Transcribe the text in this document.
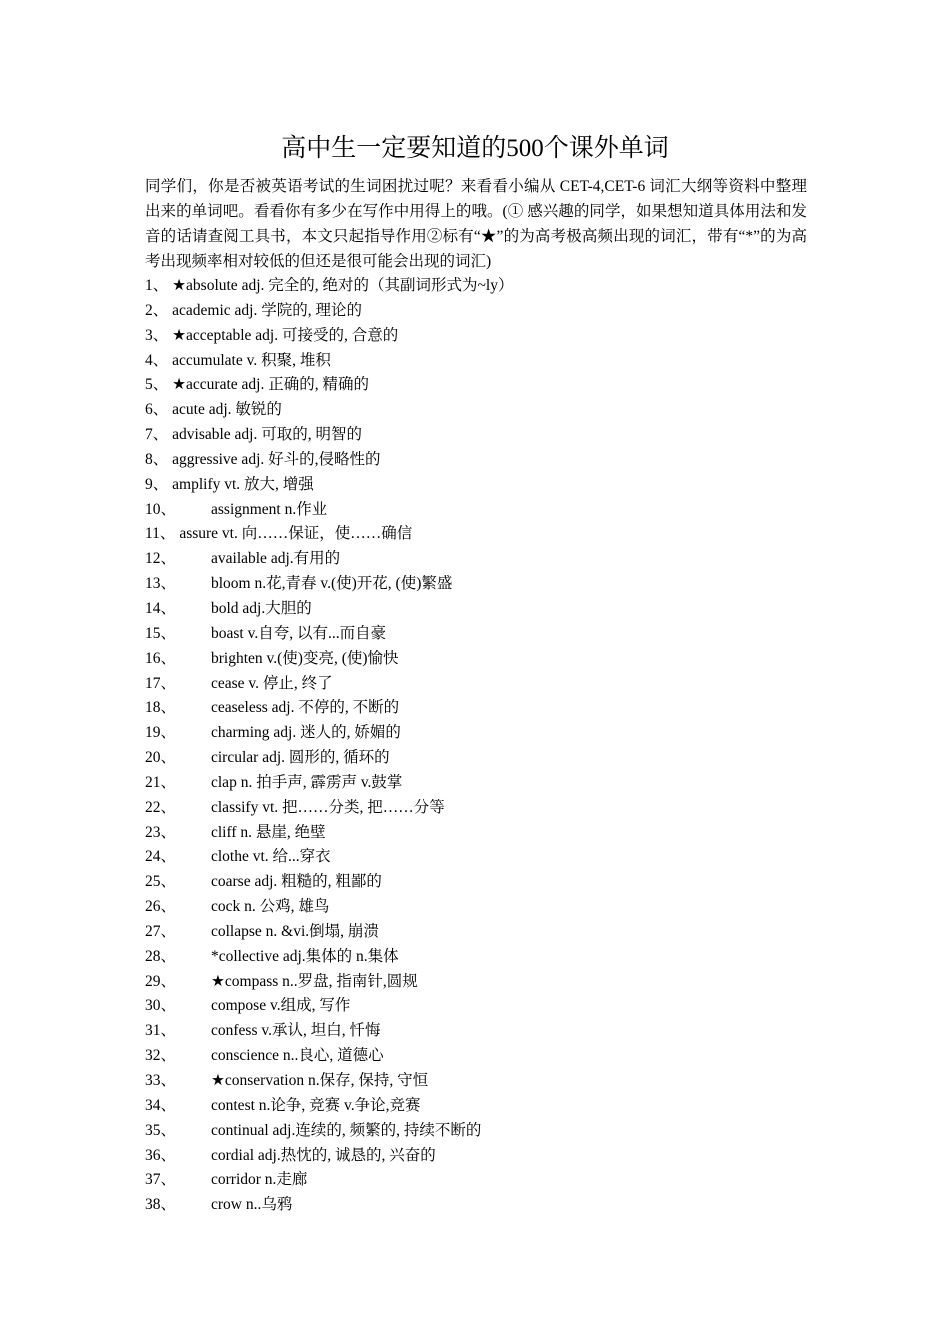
高中生一定要知道的500个课外单词

同学们，你是否被英语考试的生词困扰过呢？来看看小编从 CET-4,CET-6 词汇大纲等资料中整理出来的单词吧。看看你有多少在写作中用得上的哦。(① 感兴趣的同学，如果想知道具体用法和发音的话请查阅工具书，本文只起指导作用②标有“★”的为高考极高频出现的词汇，带有“*”的为高考出现频率相对较低的但还是很可能会出现的词汇)

1、 ★absolute adj. 完全的, 绝对的（其副词形式为~ly）
2、 academic adj. 学院的, 理论的
3、 ★acceptable adj. 可接受的, 合意的
4、 accumulate v. 积聚, 堆积
5、 ★accurate adj. 正确的, 精确的
6、 acute adj. 敏锐的
7、 advisable adj. 可取的, 明智的
8、 aggressive adj. 好斗的,侵略性的
9、 amplify vt. 放大, 增强
10、 assignment n.作业
11、 assure vt. 向……保证，使……确信
12、 available adj.有用的
13、 bloom n.花,青春 v.(使)开花, (使)繁盛
14、 bold adj.大胆的
15、 boast v.自夸, 以有...而自豪
16、 brighten v.(使)变亮, (使)愉快
17、 cease v. 停止, 终了
18、 ceaseless adj. 不停的, 不断的
19、 charming adj. 迷人的, 娇媚的
20、 circular adj. 圆形的, 循环的
21、 clap n. 拍手声, 霹雳声 v.鼓掌
22、 classify vt. 把……分类, 把……分等
23、 cliff n. 悬崖, 绝壁
24、 clothe vt. 给...穿衣
25、 coarse adj. 粗糙的, 粗鄙的
26、 cock n. 公鸡, 雄鸟
27、 collapse n. &vi.倒塌, 崩溃
28、 *collective adj.集体的 n.集体
29、 ★compass n..罗盘, 指南针,圆规
30、 compose v.组成, 写作
31、 confess v.承认, 坦白, 忏悔
32、 conscience n..良心, 道德心
33、 ★conservation n.保存, 保持, 守恒
34、 contest n.论争, 竞赛 v.争论,竞赛
35、 continual adj.连续的, 频繁的, 持续不断的
36、 cordial adj.热忱的, 诚恳的, 兴奋的
37、 corridor n.走廊
38、 crow n..乌鸦
